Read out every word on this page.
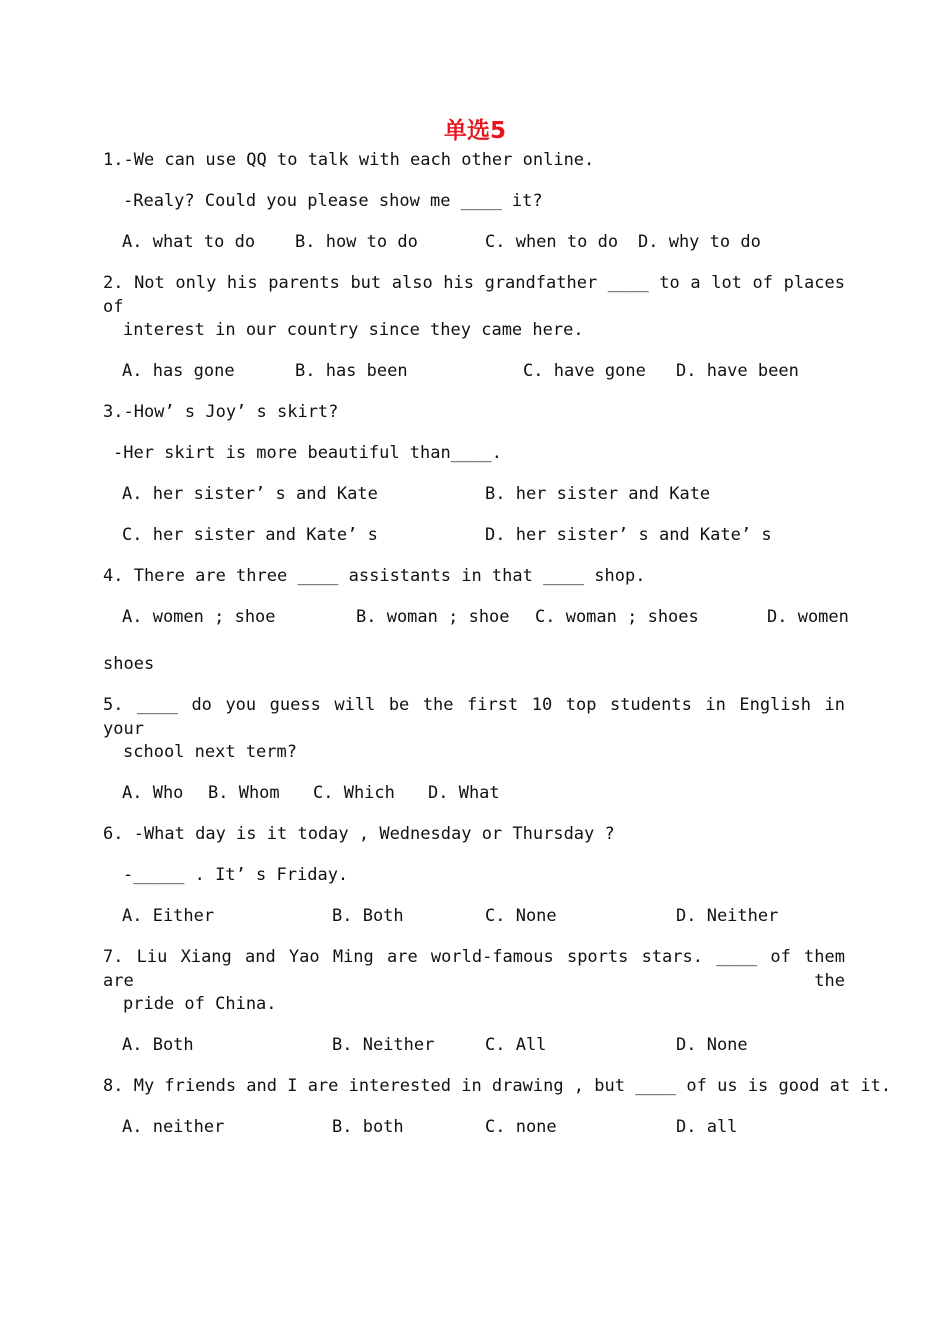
单选5
1.-We can use QQ to talk with each other online.
-Realy? Could you please show me ____ it?
A. what to do B. how to do	C. when to do D. why to do
2. Not only his parents but also his grandfather ____ to a lot of places of
interest in our country since they came here.
A. has gone	B. has been	C. have gone D. have been
3.-How’ s Joy’ s skirt?
-Her skirt is more beautiful than____.
A. her sister’ s and Kate	B. her sister and Kate
C. her sister and Kate’ s	D. her sister’ s and Kate’ s
4. There are three ____ assistants in that ____ shop.
A. women ; shoe	B. woman ; shoe C. woman ; shoes	D. women
shoes
5. ____ do you guess will be the first 10 top students in English in your
school next term?
A. Who B. Whom C. Which D. What
6. -What day is it today , Wednesday or Thursday ?
-_____ . It’ s Friday.
A. Either	B. Both	C. None	D. Neither
7. Liu Xiang and Yao Ming are world-famous sports stars. ____ of them are the
pride of China.
A. Both	B. Neither	C. All	D. None
8. My friends and I are interested in drawing , but ____ of us is good at it.
A. neither	B. both	C. none	D. all
